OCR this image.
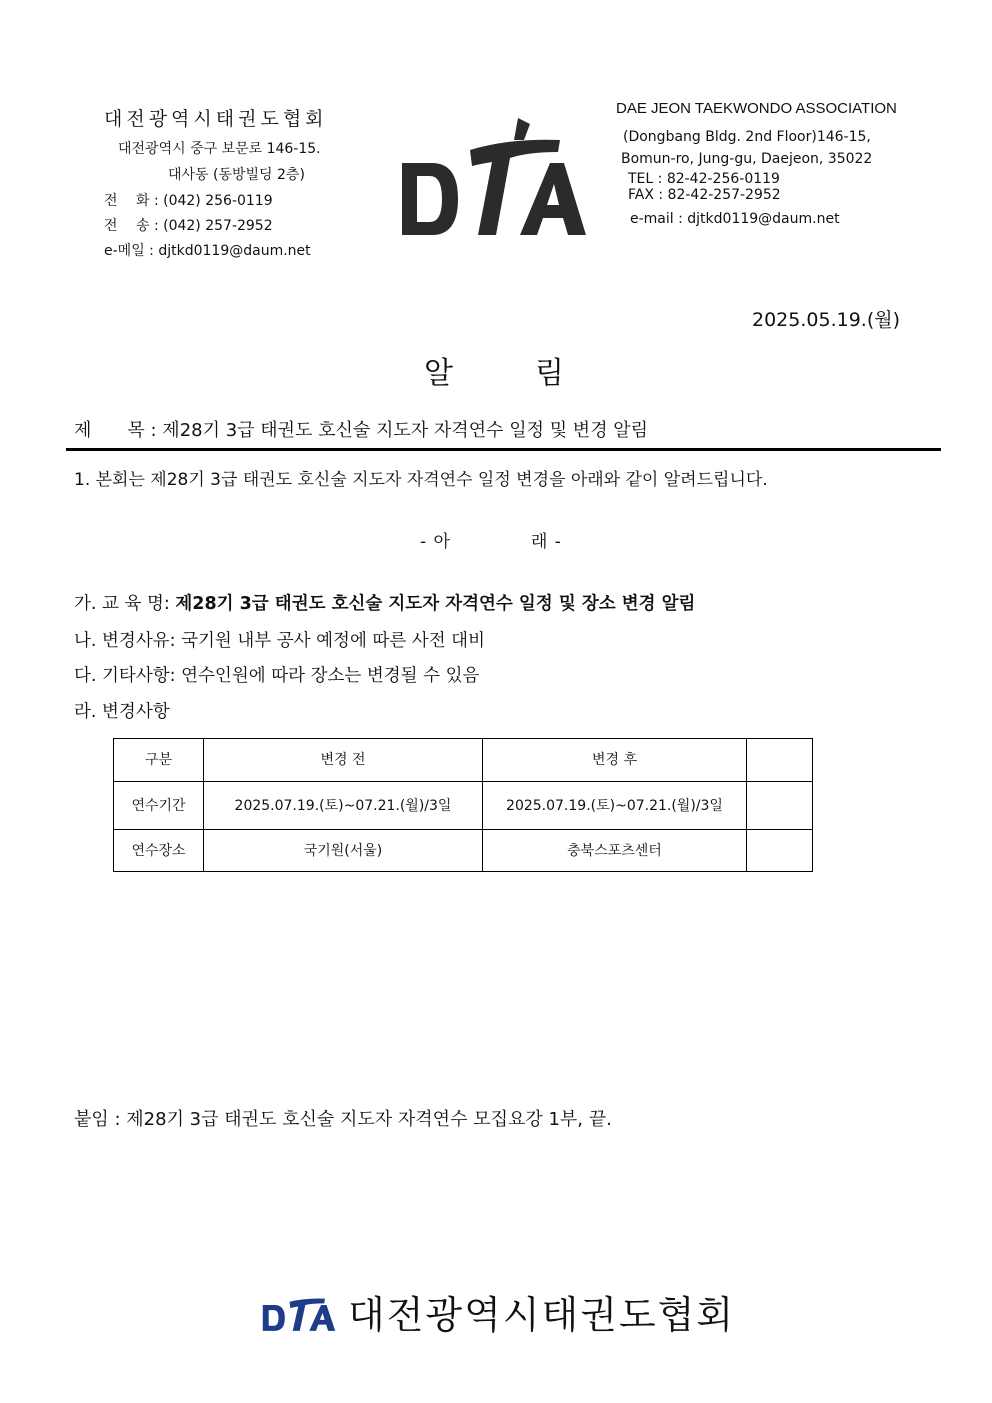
대전광역시태권도협회
대전광역시 중구 보문로 146-15.
대사동 (동방빌딩 2층)
전　 화 : (042) 256-0119
전　 송 : (042) 257-2952
e-메일 : djtkd0119@daum.net
DAE JEON TAEKWONDO ASSOCIATION
(Dongbang Bldg. 2nd Floor)146-15,
Bomun-ro, Jung-gu, Daejeon, 35022
TEL : 82-42-256-0119
FAX : 82-42-257-2952
e-mail : djtkd0119@daum.net
2025.05.19.(월)
알림
제　　목 : 제28기 3급 태권도 호신술 지도자 자격연수 일정 및 변경 알림
1. 본회는 제28기 3급 태권도 호신술 지도자 자격연수 일정 변경을 아래와 같이 알려드립니다.
- 아	래 -
가. 교 육 명: 제28기 3급 태권도 호신술 지도자 자격연수 일정 및 장소 변경 알림
나. 변경사유: 국기원 내부 공사 예정에 따른 사전 대비
다. 기타사항: 연수인원에 따라 장소는 변경될 수 있음
라. 변경사항
구분	변경 전	변경 후	
연수기간	2025.07.19.(토)~07.21.(월)/3일	2025.07.19.(토)~07.21.(월)/3일	
연수장소	국기원(서울)	충북스포츠센터	
붙임 : 제28기 3급 태권도 호신술 지도자 자격연수 모집요강 1부, 끝.
대전광역시태권도협회
